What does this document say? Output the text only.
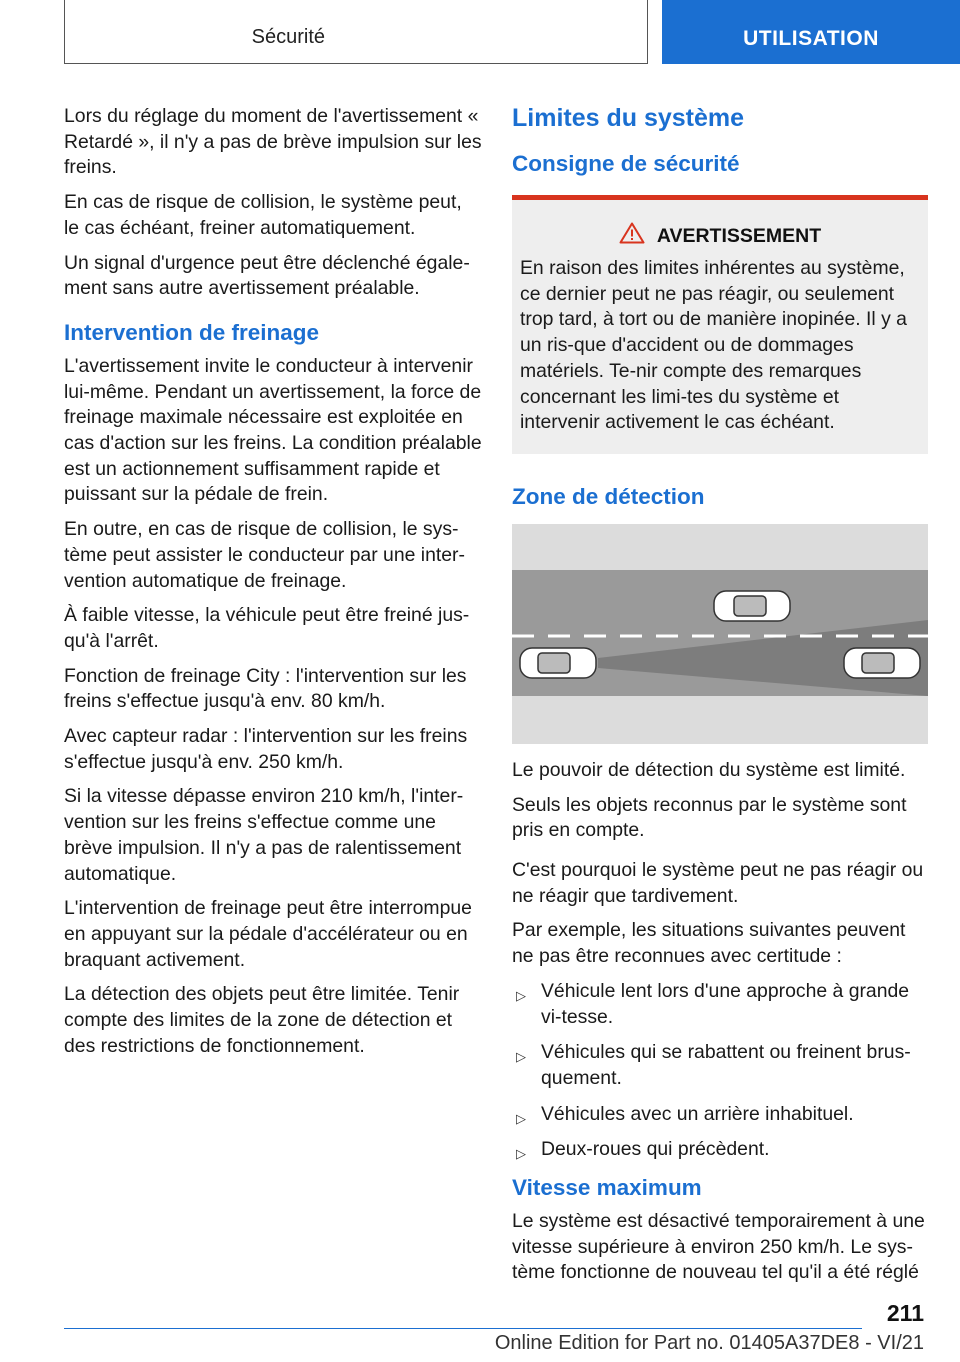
Sécurité	UTILISATION

Lors du réglage du moment de l'avertissement « Retardé », il n'y a pas de brève impulsion sur les freins.

En cas de risque de collision, le système peut, le cas échéant, freiner automatiquement.

Un signal d'urgence peut être déclenché égale-ment sans autre avertissement préalable.

Intervention de freinage

L'avertissement invite le conducteur à intervenir lui-même. Pendant un avertissement, la force de freinage maximale nécessaire est exploitée en cas d'action sur les freins. La condition préalable est un actionnement suffisamment rapide et puissant sur la pédale de frein.

En outre, en cas de risque de collision, le sys-tème peut assister le conducteur par une inter-vention automatique de freinage.

À faible vitesse, la véhicule peut être freiné jus-qu'à l'arrêt.

Fonction de freinage City : l'intervention sur les freins s'effectue jusqu'à env. 80 km/h.

Avec capteur radar : l'intervention sur les freins s'effectue jusqu'à env. 250 km/h.

Si la vitesse dépasse environ 210 km/h, l'inter-vention sur les freins s'effectue comme une brève impulsion. Il n'y a pas de ralentissement automatique.

L'intervention de freinage peut être interrompue en appuyant sur la pédale d'accélérateur ou en braquant activement.

La détection des objets peut être limitée. Tenir compte des limites de la zone de détection et des restrictions de fonctionnement.

Limites du système
Consigne de sécurité
AVERTISSEMENT

En raison des limites inhérentes au système, ce dernier peut ne pas réagir, ou seulement trop tard, à tort ou de manière inopinée. Il y a un ris-que d'accident ou de dommages matériels. Te-nir compte des remarques concernant les limi-tes du système et intervenir activement le cas échéant.

Zone de détection

Le pouvoir de détection du système est limité.

Seuls les objets reconnus par le système sont pris en compte.

C'est pourquoi le système peut ne pas réagir ou ne réagir que tardivement.

Par exemple, les situations suivantes peuvent ne pas être reconnues avec certitude :

▷ Véhicule lent lors d'une approche à grande vi-tesse.
▷ Véhicules qui se rabattent ou freinent brus-quement.
▷ Véhicules avec un arrière inhabituel.
▷ Deux-roues qui précèdent.
Vitesse maximum

Le système est désactivé temporairement à une vitesse supérieure à environ 250 km/h. Le sys-tème fonctionne de nouveau tel qu'il a été réglé

211
Online Edition for Part no. 01405A37DE8 - VI/21
